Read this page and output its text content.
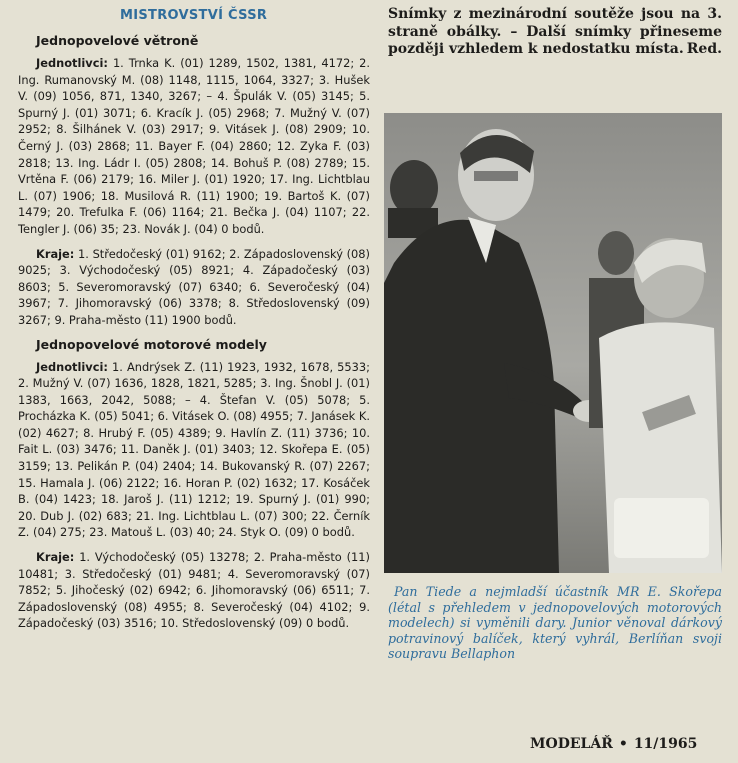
MISTROVSTVÍ ČSSR
Jednopovelové větroně

Jednotlivci: 1. Trnka K. (01) 1289, 1502, 1381, 4172; 2. Ing. Rumanovský M. (08) 1148, 1115, 1064, 3327; 3. Hušek V. (09) 1056, 871, 1340, 3267; – 4. Špulák V. (05) 3145; 5. Spurný J. (01) 3071; 6. Kracík J. (05) 2968; 7. Mužný V. (07) 2952; 8. Šilhánek V. (03) 2917; 9. Vitásek J. (08) 2909; 10. Černý J. (03) 2868; 11. Bayer F. (04) 2860; 12. Zyka F. (03) 2818; 13. Ing. Ládr I. (05) 2808; 14. Bohuš P. (08) 2789; 15. Vrtěna F. (06) 2179; 16. Miler J. (01) 1920; 17. Ing. Lichtblau L. (07) 1906; 18. Musilová R. (11) 1900; 19. Bartoš K. (07) 1479; 20. Trefulka F. (06) 1164; 21. Bečka J. (04) 1107; 22. Tengler J. (06) 35; 23. Novák J. (04) 0 bodů.

Kraje: 1. Středočeský (01) 9162; 2. Západoslovenský (08) 9025; 3. Východočeský (05) 8921; 4. Západočeský (03) 8603; 5. Severomoravský (07) 6340; 6. Severočeský (04) 3967; 7. Jihomoravský (06) 3378; 8. Středoslovenský (09) 3267; 9. Praha-město (11) 1900 bodů.

Jednopovelové motorové modely

Jednotlivci: 1. Andrýsek Z. (11) 1923, 1932, 1678, 5533; 2. Mužný V. (07) 1636, 1828, 1821, 5285; 3. Ing. Šnobl J. (01) 1383, 1663, 2042, 5088; – 4. Štefan V. (05) 5078; 5. Procházka K. (05) 5041; 6. Vitásek O. (08) 4955; 7. Janásek K. (02) 4627; 8. Hrubý F. (05) 4389; 9. Havlín Z. (11) 3736; 10. Fait L. (03) 3476; 11. Daněk J. (01) 3403; 12. Skořepa E. (05) 3159; 13. Pelikán P. (04) 2404; 14. Bukovanský R. (07) 2267; 15. Hamala J. (06) 2122; 16. Horan P. (02) 1632; 17. Kosáček B. (04) 1423; 18. Jaroš J. (11) 1212; 19. Spurný J. (01) 990; 20. Dub J. (02) 683; 21. Ing. Lichtblau L. (07) 300; 22. Černík Z. (04) 275; 23. Matouš L. (03) 40; 24. Styk O. (09) 0 bodů.

Kraje: 1. Východočeský (05) 13278; 2. Praha-město (11) 10481; 3. Středočeský (01) 9481; 4. Severomoravský (07) 7852; 5. Jihočeský (02) 6942; 6. Jihomoravský (06) 6511; 7. Západoslovenský (08) 4955; 8. Severočeský (04) 4102; 9. Západočeský (03) 3516; 10. Středoslovenský (09) 0 bodů.

Snímky z mezinárodní soutěže jsou na 3. straně obálky. – Další snímky přineseme později vzhledem k nedostatku místa. Red.
Pan Tiede a nejmladší účastník MR E. Skořepa (létal s přehledem v jednopovelových motorových modelech) si vyměnili dary. Junior věnoval dárkový potravinový balíček, který vyhrál, Berlíňan svoji soupravu Bellaphon
MODELÁŘ • 11/1965
